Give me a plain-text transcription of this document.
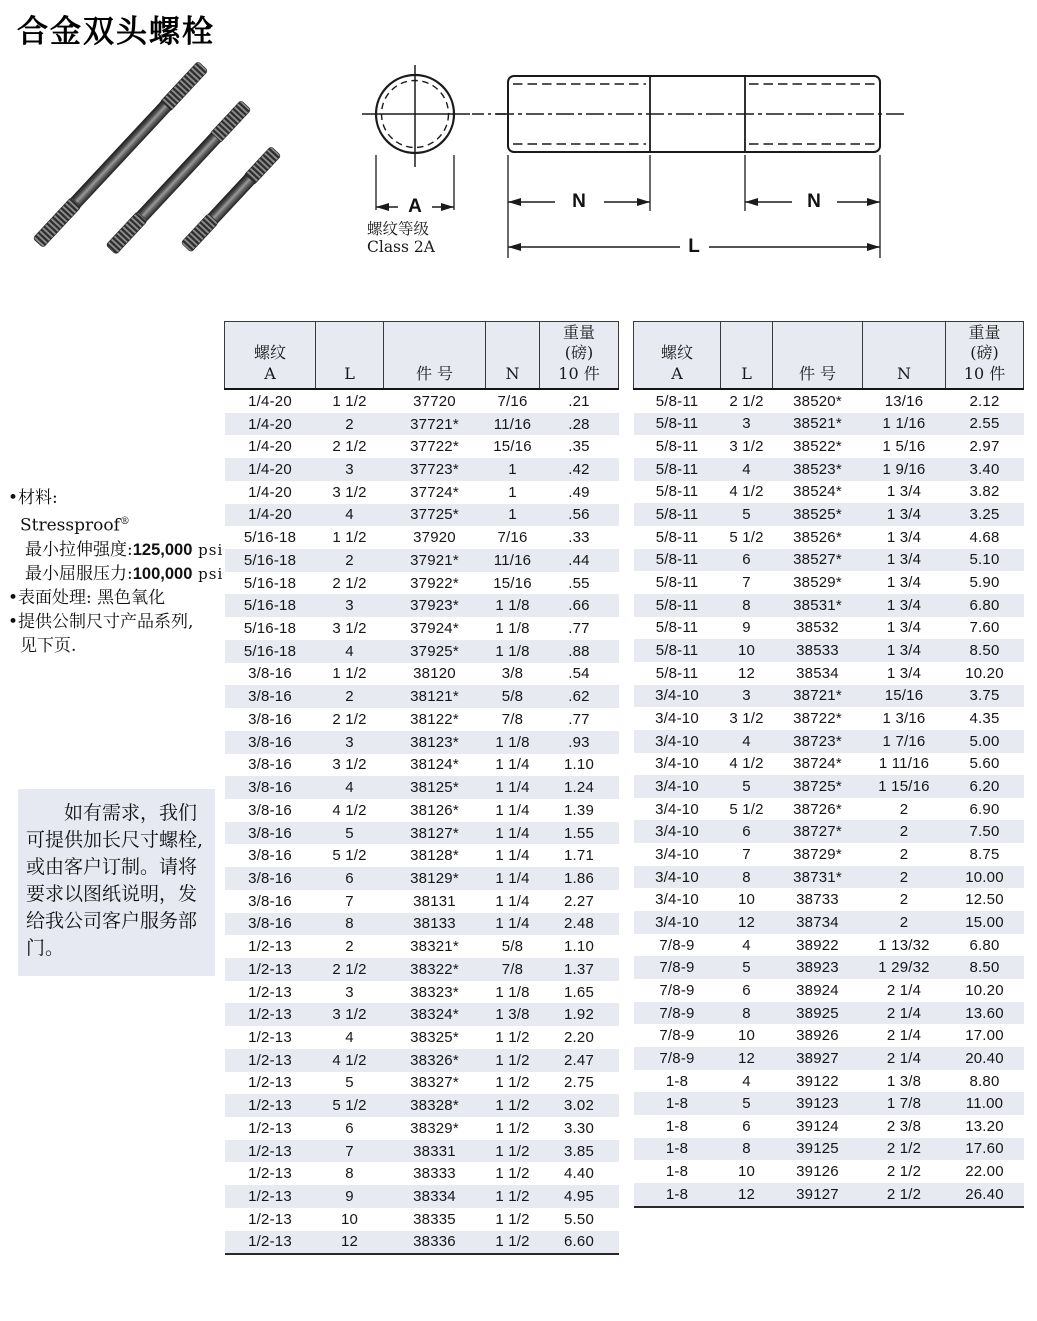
合金双头螺栓
A	N	N
L
螺纹等级
Class 2A
•材料:
Stressproof®
最小拉伸强度:125,000 psi
最小屈服压力:100,000 psi
•表面处理: 黑色氧化
•提供公制尺寸产品系列,
见下页.
如有需求，我们可提供加长尺寸螺栓,或由客户订制。请将要求以图纸说明，发给我公司客户服务部门。
螺纹
A	L	件 号	N	重量
(磅)
10 件
1/4-20	1 1/2	37720	7/16	.21
1/4-20	2	37721*	11/16	.28
1/4-20	2 1/2	37722*	15/16	.35
1/4-20	3	37723*	1	.42
1/4-20	3 1/2	37724*	1	.49
1/4-20	4	37725*	1	.56
5/16-18	1 1/2	37920	7/16	.33
5/16-18	2	37921*	11/16	.44
5/16-18	2 1/2	37922*	15/16	.55
5/16-18	3	37923*	1 1/8	.66
5/16-18	3 1/2	37924*	1 1/8	.77
5/16-18	4	37925*	1 1/8	.88
3/8-16	1 1/2	38120	3/8	.54
3/8-16	2	38121*	5/8	.62
3/8-16	2 1/2	38122*	7/8	.77
3/8-16	3	38123*	1 1/8	.93
3/8-16	3 1/2	38124*	1 1/4	1.10
3/8-16	4	38125*	1 1/4	1.24
3/8-16	4 1/2	38126*	1 1/4	1.39
3/8-16	5	38127*	1 1/4	1.55
3/8-16	5 1/2	38128*	1 1/4	1.71
3/8-16	6	38129*	1 1/4	1.86
3/8-16	7	38131	1 1/4	2.27
3/8-16	8	38133	1 1/4	2.48
1/2-13	2	38321*	5/8	1.10
1/2-13	2 1/2	38322*	7/8	1.37
1/2-13	3	38323*	1 1/8	1.65
1/2-13	3 1/2	38324*	1 3/8	1.92
1/2-13	4	38325*	1 1/2	2.20
1/2-13	4 1/2	38326*	1 1/2	2.47
1/2-13	5	38327*	1 1/2	2.75
1/2-13	5 1/2	38328*	1 1/2	3.02
1/2-13	6	38329*	1 1/2	3.30
1/2-13	7	38331	1 1/2	3.85
1/2-13	8	38333	1 1/2	4.40
1/2-13	9	38334	1 1/2	4.95
1/2-13	10	38335	1 1/2	5.50
1/2-13	12	38336	1 1/2	6.60
螺纹
A	L	件 号	N	重量
(磅)
10 件
5/8-11	2 1/2	38520*	13/16	2.12
5/8-11	3	38521*	1 1/16	2.55
5/8-11	3 1/2	38522*	1 5/16	2.97
5/8-11	4	38523*	1 9/16	3.40
5/8-11	4 1/2	38524*	1 3/4	3.82
5/8-11	5	38525*	1 3/4	3.25
5/8-11	5 1/2	38526*	1 3/4	4.68
5/8-11	6	38527*	1 3/4	5.10
5/8-11	7	38529*	1 3/4	5.90
5/8-11	8	38531*	1 3/4	6.80
5/8-11	9	38532	1 3/4	7.60
5/8-11	10	38533	1 3/4	8.50
5/8-11	12	38534	1 3/4	10.20
3/4-10	3	38721*	15/16	3.75
3/4-10	3 1/2	38722*	1 3/16	4.35
3/4-10	4	38723*	1 7/16	5.00
3/4-10	4 1/2	38724*	1 11/16	5.60
3/4-10	5	38725*	1 15/16	6.20
3/4-10	5 1/2	38726*	2	6.90
3/4-10	6	38727*	2	7.50
3/4-10	7	38729*	2	8.75
3/4-10	8	38731*	2	10.00
3/4-10	10	38733	2	12.50
3/4-10	12	38734	2	15.00
7/8-9	4	38922	1 13/32	6.80
7/8-9	5	38923	1 29/32	8.50
7/8-9	6	38924	2 1/4	10.20
7/8-9	8	38925	2 1/4	13.60
7/8-9	10	38926	2 1/4	17.00
7/8-9	12	38927	2 1/4	20.40
1-8	4	39122	1 3/8	8.80
1-8	5	39123	1 7/8	11.00
1-8	6	39124	2 3/8	13.20
1-8	8	39125	2 1/2	17.60
1-8	10	39126	2 1/2	22.00
1-8	12	39127	2 1/2	26.40
